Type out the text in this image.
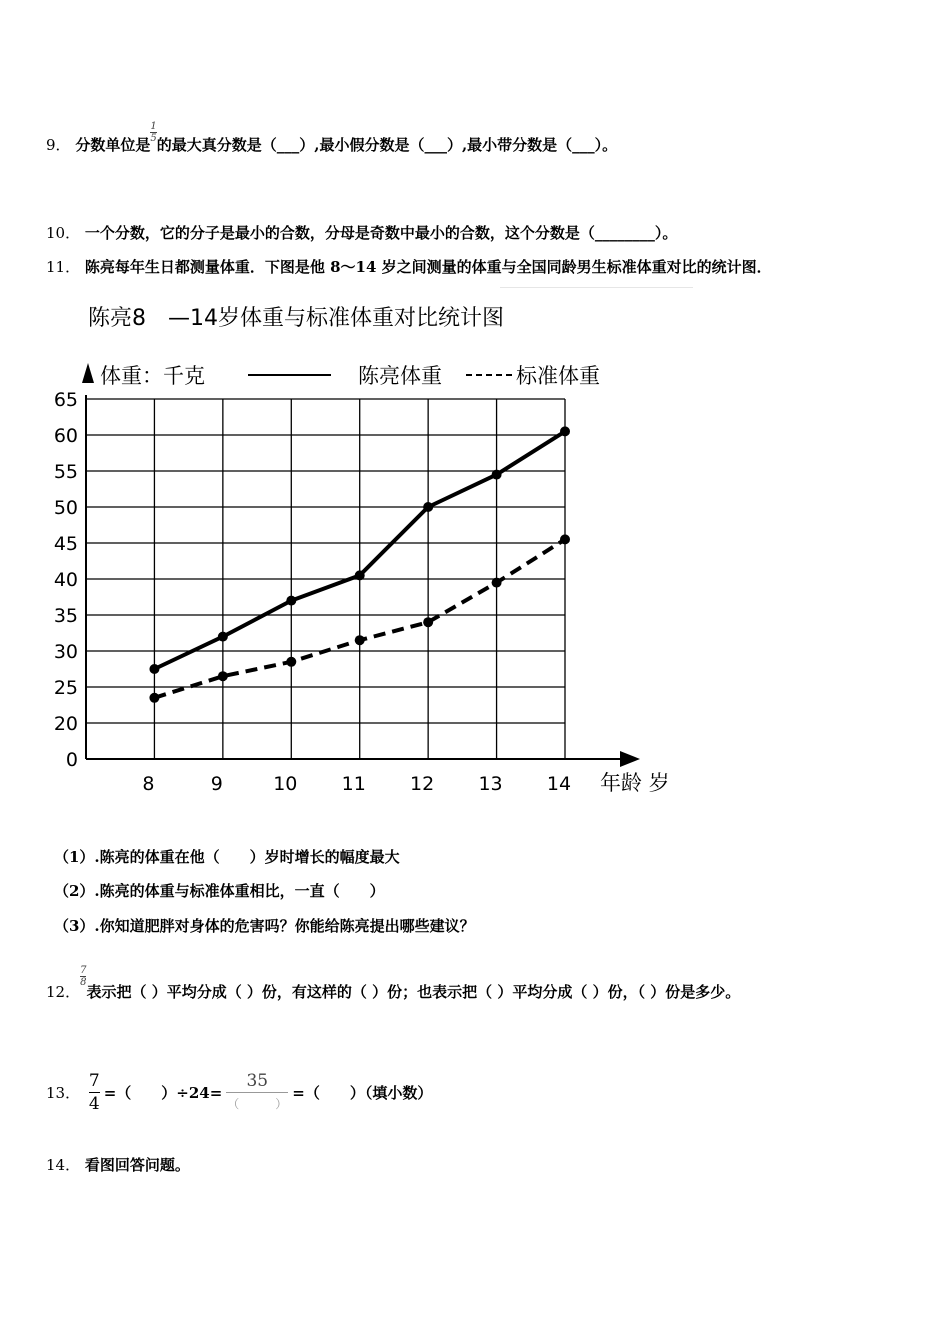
9． 分数单位是
$\frac{1}{5}$
的最大真分数是（___）,最小假分数是（___）,最小带分数是（___）。
10． 一个分数，它的分子是最小的合数，分母是奇数中最小的合数，这个分数是（________）。
11． 陈亮每年生日都测量体重．下图是他 8～14 岁之间测量的体重与全国同龄男生标准体重对比的统计图．
陈亮8　—14岁体重与标准体重对比统计图
体重：千克	陈亮体重	标准体重
65
60
55
50
45
40
35
30
25
20
0
8	9	10 11 12 13 14 年龄 岁
（1）.陈亮的体重在他（　　）岁时增长的幅度最大
（2）.陈亮的体重与标准体重相比，一直（　　）
（3）.你知道肥胖对身体的危害吗？你能给陈亮提出哪些建议？
12．
$\frac{7}{8}$
表示把（ ）平均分成（ ）份，有这样的（ ）份；也表示把（ ）平均分成（ ）份，（ ）份是多少。
13． $\frac{7}{4}$ =（　　）÷24=
35
（　　　）
=（　　）（填小数）
14． 看图回答问题。
